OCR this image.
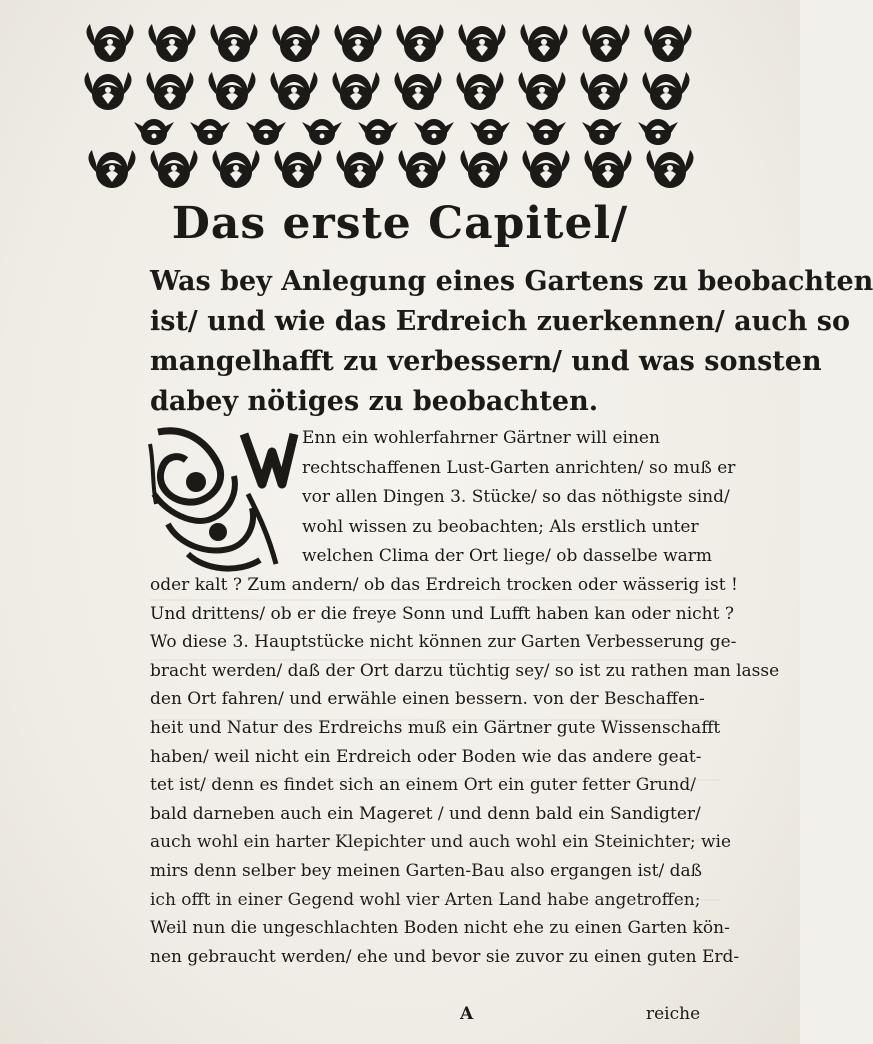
Das erste Capitel/
Was bey Anlegung eines Gartens zu beobachten
ist/ und wie das Erdreich zuerkennen/ auch so
mangelhafft zu verbessern/ und was sonsten
dabey nötiges zu beobachten.
Enn ein wohlerfahrner Gärtner will einen
rechtschaffenen Lust-Garten anrichten/ so muß er
vor allen Dingen 3. Stücke/ so das nöthigste sind/
wohl wissen zu beobachten; Als erstlich unter
welchen Clima der Ort liege/ ob dasselbe warm
oder kalt ? Zum andern/ ob das Erdreich trocken oder wässerig ist !
Und drittens/ ob er die freye Sonn und Lufft haben kan oder nicht ?
Wo diese 3. Hauptstücke nicht können zur Garten Verbesserung ge-
bracht werden/ daß der Ort darzu tüchtig sey/ so ist zu rathen man lasse
den Ort fahren/ und erwähle einen bessern. von der Beschaffen-
heit und Natur des Erdreichs muß ein Gärtner gute Wissenschafft
haben/ weil nicht ein Erdreich oder Boden wie das andere geat-
tet ist/ denn es findet sich an einem Ort ein guter fetter Grund/
bald darneben auch ein Mageret / und denn bald ein Sandigter/
auch wohl ein harter Klepichter und auch wohl ein Steinichter; wie
mirs denn selber bey meinen Garten-Bau also ergangen ist/ daß
ich offt in einer Gegend wohl vier Arten Land habe angetroffen;
Weil nun die ungeschlachten Boden nicht ehe zu einen Garten kön-
nen gebraucht werden/ ehe und bevor sie zuvor zu einen guten Erd-
A	reiche
